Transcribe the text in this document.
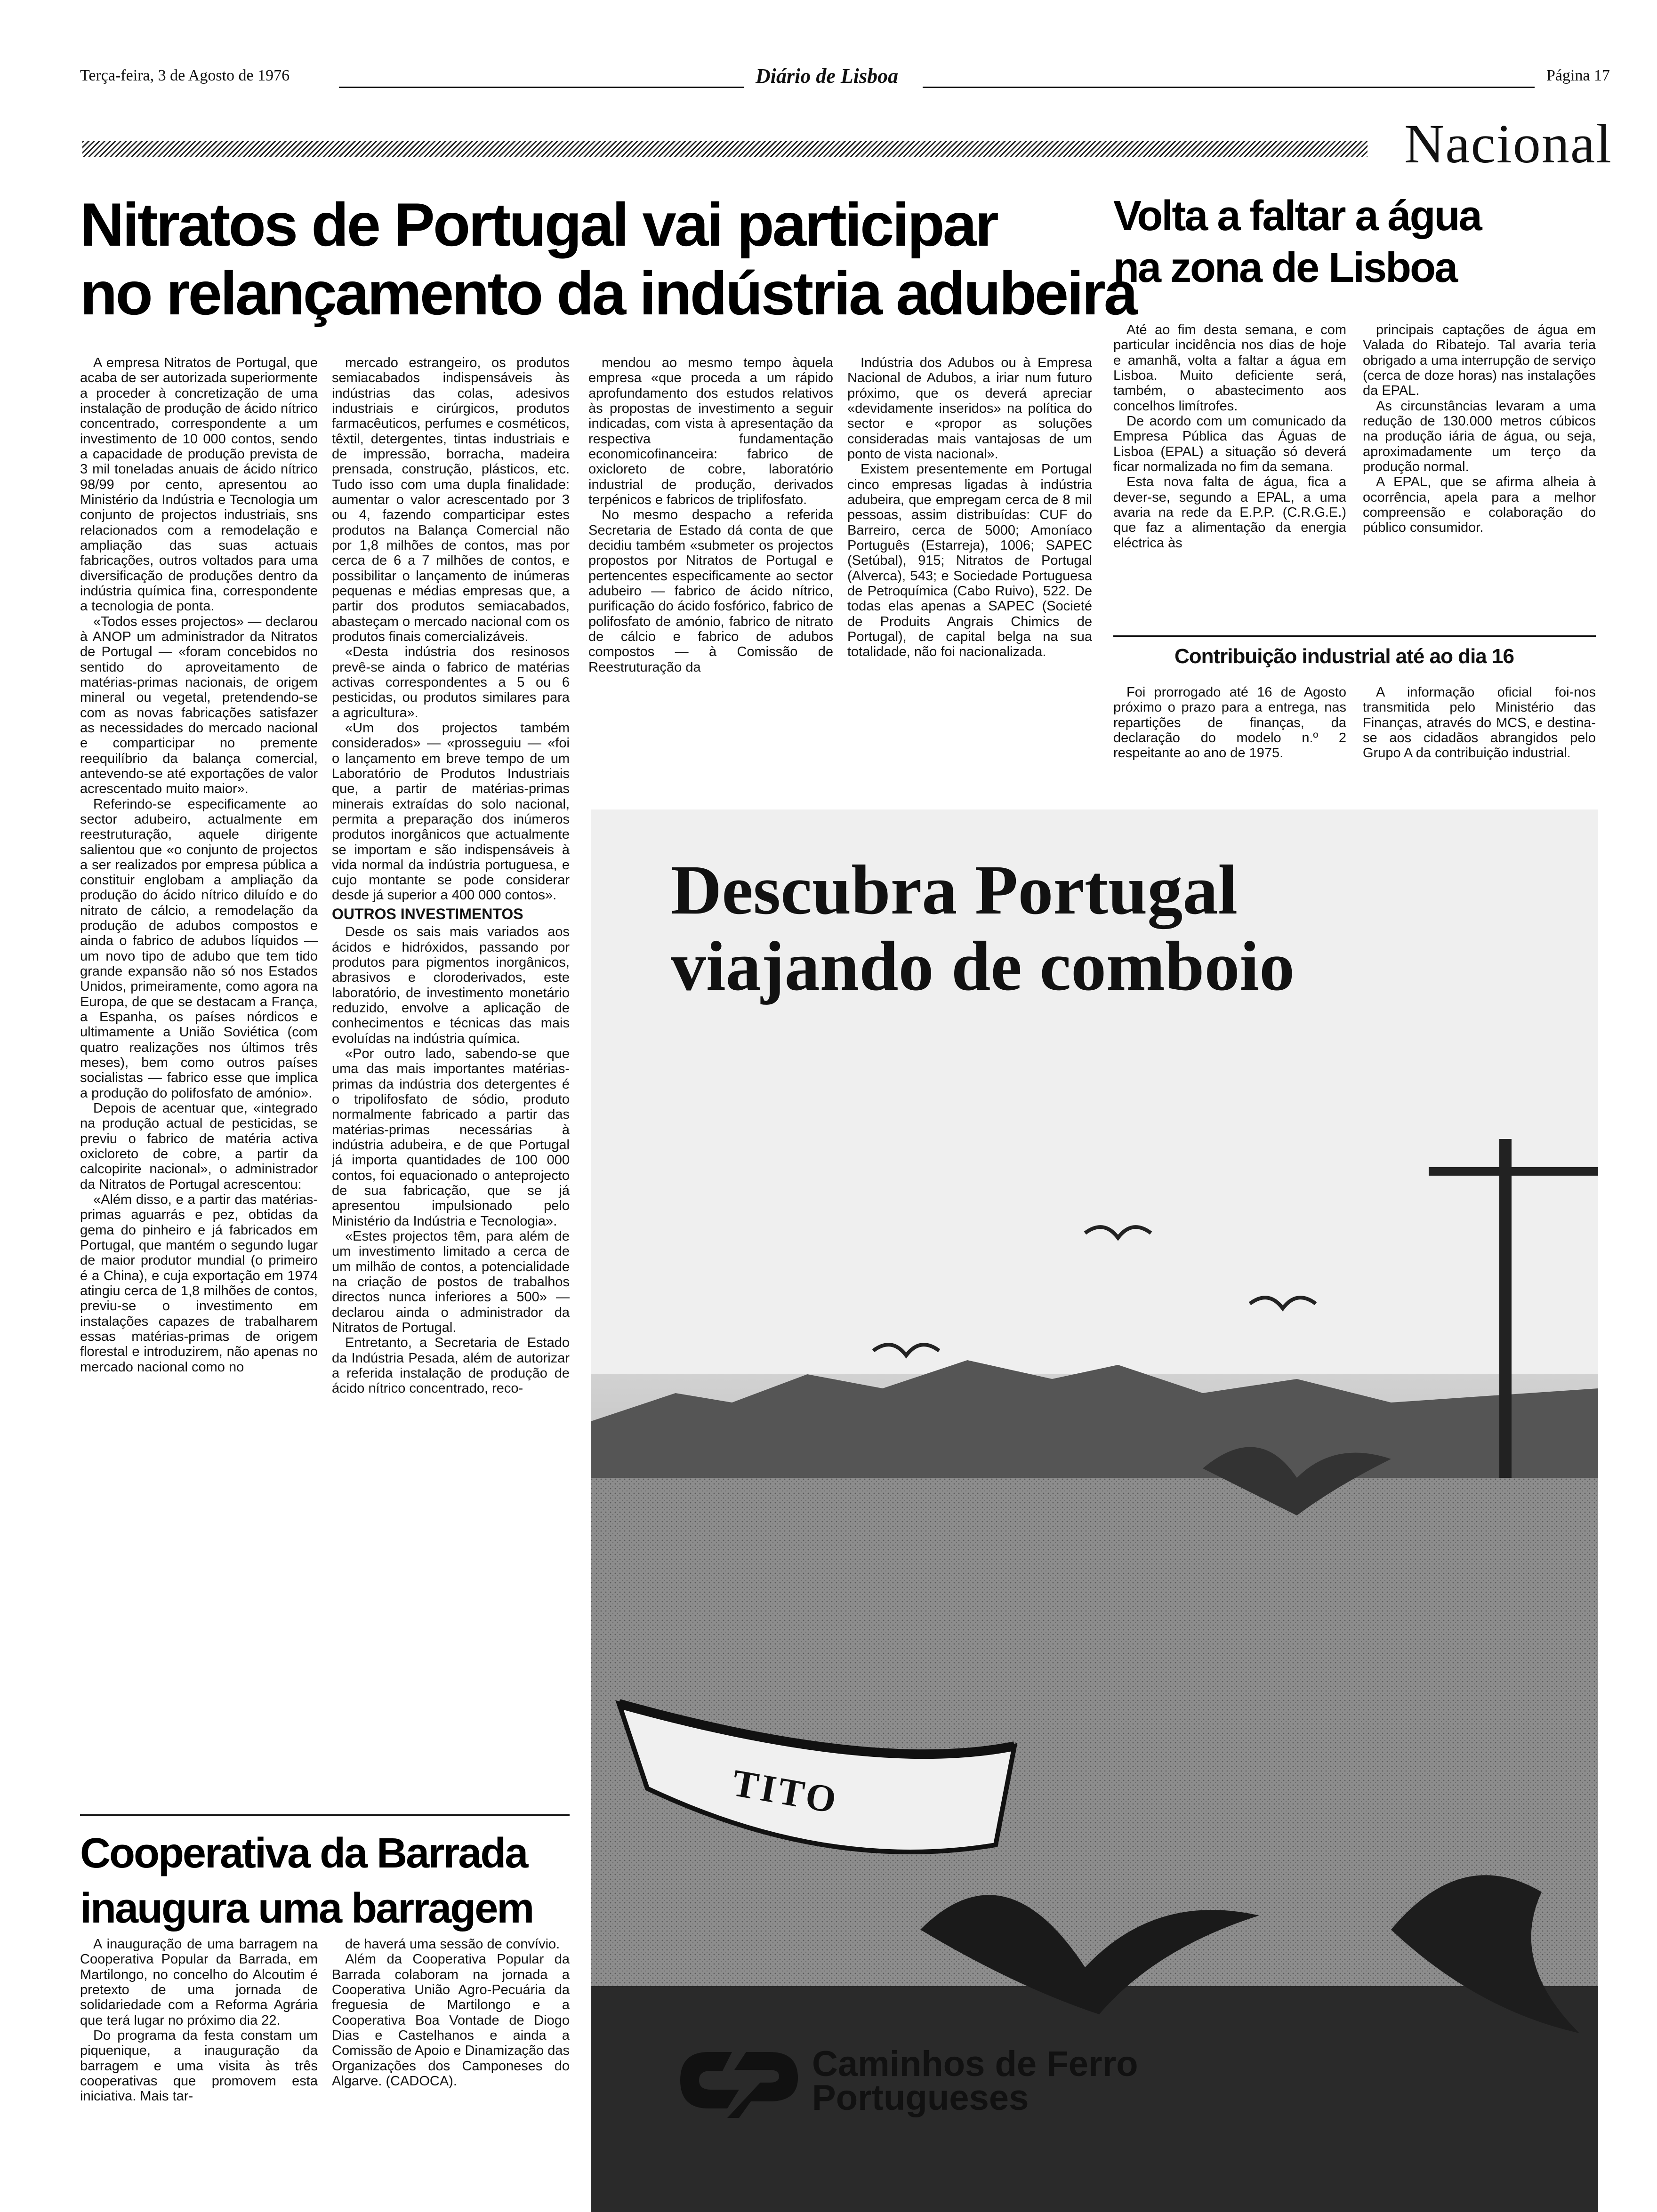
Terça-feira, 3 de Agosto de 1976	Diário de Lisboa	Página 17
Nacional
Nitratos de Portugal vai participar
no relançamento da indústria adubeira

A empresa Nitratos de Portugal, que acaba de ser autorizada superiormente a proceder à concretização de uma instalação de produção de ácido nítrico concentrado, correspondente a um investimento de 10 000 contos, sendo a capacidade de produção prevista de 3 mil toneladas anuais de ácido nítrico 98/99 por cento, apresentou ao Ministério da Indústria e Tecnologia um conjunto de projectos industriais, sns relacionados com a remodelação e ampliação das suas actuais fabricações, outros voltados para uma diversificação de produções dentro da indústria química fina, correspondente a tecnologia de ponta.

«Todos esses projectos» — declarou à ANOP um administrador da Nitratos de Portugal — «foram concebidos no sentido do aproveitamento de matérias-primas nacionais, de origem mineral ou vegetal, pretendendo-se com as novas fabricações satisfazer as necessidades do mercado nacional e comparticipar no premente reequilíbrio da balança comercial, antevendo-se até exportações de valor acrescentado muito maior».

Referindo-se especificamente ao sector adubeiro, actualmente em reestruturação, aquele dirigente salientou que «o conjunto de projectos a ser realizados por empresa pública a constituir englobam a ampliação da produção do ácido nítrico diluído e do nitrato de cálcio, a remodelação da produção de adubos compostos e ainda o fabrico de adubos líquidos — um novo tipo de adubo que tem tido grande expansão não só nos Estados Unidos, primeiramente, como agora na Europa, de que se destacam a França, a Espanha, os países nórdicos e ultimamente a União Soviética (com quatro realizações nos últimos três meses), bem como outros países socialistas — fabrico esse que implica a produção do polifosfato de amónio».

Depois de acentuar que, «integrado na produção actual de pesticidas, se previu o fabrico de matéria activa oxicloreto de cobre, a partir da calcopirite nacional», o administrador da Nitratos de Portugal acrescentou:

«Além disso, e a partir das matérias-primas aguarrás e pez, obtidas da gema do pinheiro e já fabricados em Portugal, que mantém o segundo lugar de maior produtor mundial (o primeiro é a China), e cuja exportação em 1974 atingiu cerca de 1,8 milhões de contos, previu-se o investimento em instalações capazes de trabalharem essas matérias-primas de origem florestal e introduzirem, não apenas no mercado nacional como no

mercado estrangeiro, os produtos semiacabados indispensáveis às indústrias das colas, adesivos industriais e cirúrgicos, produtos farmacêuticos, perfumes e cosméticos, têxtil, detergentes, tintas industriais e de impressão, borracha, madeira prensada, construção, plásticos, etc. Tudo isso com uma dupla finalidade: aumentar o valor acrescentado por 3 ou 4, fazendo comparticipar estes produtos na Balança Comercial não por 1,8 milhões de contos, mas por cerca de 6 a 7 milhões de contos, e possibilitar o lançamento de inúmeras pequenas e médias empresas que, a partir dos produtos semiacabados, abasteçam o mercado nacional com os produtos finais comercializáveis.

«Desta indústria dos resinosos prevê-se ainda o fabrico de matérias activas correspondentes a 5 ou 6 pesticidas, ou produtos similares para a agricultura».

«Um dos projectos também considerados» — «prosseguiu — «foi o lançamento em breve tempo de um Laboratório de Produtos Industriais que, a partir de matérias-primas minerais extraídas do solo nacional, permita a preparação dos inúmeros produtos inorgânicos que actualmente se importam e são indispensáveis à vida normal da indústria portuguesa, e cujo montante se pode considerar desde já superior a 400 000 contos».

OUTROS INVESTIMENTOS

Desde os sais mais variados aos ácidos e hidróxidos, passando por produtos para pigmentos inorgânicos, abrasivos e cloroderivados, este laboratório, de investimento monetário reduzido, envolve a aplicação de conhecimentos e técnicas das mais evoluídas na indústria química.

«Por outro lado, sabendo-se que uma das mais importantes matérias-primas da indústria dos detergentes é o tripolifosfato de sódio, produto normalmente fabricado a partir das matérias-primas necessárias à indústria adubeira, e de que Portugal já importa quantidades de 100 000 contos, foi equacionado o anteprojecto de sua fabricação, que se já apresentou impulsionado pelo Ministério da Indústria e Tecnologia».

«Estes projectos têm, para além de um investimento limitado a cerca de um milhão de contos, a potencialidade na criação de postos de trabalhos directos nunca inferiores a 500» — declarou ainda o administrador da Nitratos de Portugal.

Entretanto, a Secretaria de Estado da Indústria Pesada, além de autorizar a referida instalação de produção de ácido nítrico concentrado, reco-

mendou ao mesmo tempo àquela empresa «que proceda a um rápido aprofundamento dos estudos relativos às propostas de investimento a seguir indicadas, com vista à apresentação da respectiva fundamentação economicofinanceira: fabrico de oxicloreto de cobre, laboratório industrial de produção, derivados terpénicos e fabricos de triplifosfato.

No mesmo despacho a referida Secretaria de Estado dá conta de que decidiu também «submeter os projectos propostos por Nitratos de Portugal e pertencentes especificamente ao sector adubeiro — fabrico de ácido nítrico, purificação do ácido fosfórico, fabrico de polifosfato de amónio, fabrico de nitrato de cálcio e fabrico de adubos compostos — à Comissão de Reestruturação da

Indústria dos Adubos ou à Empresa Nacional de Adubos, a iriar num futuro próximo, que os deverá apreciar «devidamente inseridos» na política do sector e «propor as soluções consideradas mais vantajosas de um ponto de vista nacional».

Existem presentemente em Portugal cinco empresas ligadas à indústria adubeira, que empregam cerca de 8 mil pessoas, assim distribuídas: CUF do Barreiro, cerca de 5000; Amoníaco Português (Estarreja), 1006; SAPEC (Setúbal), 915; Nitratos de Portugal (Alverca), 543; e Sociedade Portuguesa de Petroquímica (Cabo Ruivo), 522. De todas elas apenas a SAPEC (Societé de Produits Angrais Chimics de Portugal), de capital belga na sua totalidade, não foi nacionalizada.

Volta a faltar a água
na zona de Lisboa

Até ao fim desta semana, e com particular incidência nos dias de hoje e amanhã, volta a faltar a água em Lisboa. Muito deficiente será, também, o abastecimento aos concelhos limítrofes.

De acordo com um comunicado da Empresa Pública das Águas de Lisboa (EPAL) a situação só deverá ficar normalizada no fim da semana.

Esta nova falta de água, fica a dever-se, segundo a EPAL, a uma avaria na rede da E.P.P. (C.R.G.E.) que faz a alimentação da energia eléctrica às

principais captações de água em Valada do Ribatejo. Tal avaria teria obrigado a uma interrupção de serviço (cerca de doze horas) nas instalações da EPAL.

As circunstâncias levaram a uma redução de 130.000 metros cúbicos na produção iária de água, ou seja, aproximadamente um terço da produção normal.

A EPAL, que se afirma alheia à ocorrência, apela para a melhor compreensão e colaboração do público consumidor.

Contribuição industrial até ao dia 16

Foi prorrogado até 16 de Agosto próximo o prazo para a entrega, nas repartições de finanças, da declaração do modelo n.º 2 respeitante ao ano de 1975.

A informação oficial foi-nos transmitida pelo Ministério das Finanças, através do MCS, e destina-se aos cidadãos abrangidos pelo Grupo A da contribuição industrial.

Cooperativa da Barrada
inaugura uma barragem

A inauguração de uma barragem na Cooperativa Popular da Barrada, em Martilongo, no concelho do Alcoutim é pretexto de uma jornada de solidariedade com a Reforma Agrária que terá lugar no próximo dia 22.

Do programa da festa constam um piquenique, a inauguração da barragem e uma visita às três cooperativas que promovem esta iniciativa. Mais tar-

de haverá uma sessão de convívio.

Além da Cooperativa Popular da Barrada colaboram na jornada a Cooperativa União Agro-Pecuária da freguesia de Martilongo e a Cooperativa Boa Vontade de Diogo Dias e Castelhanos e ainda a Comissão de Apoio e Dinamização das Organizações dos Camponeses do Algarve. (CADOCA).

Descubra Portugal
viajando de comboio
TITO
Caminhos de Ferro
Portugueses
